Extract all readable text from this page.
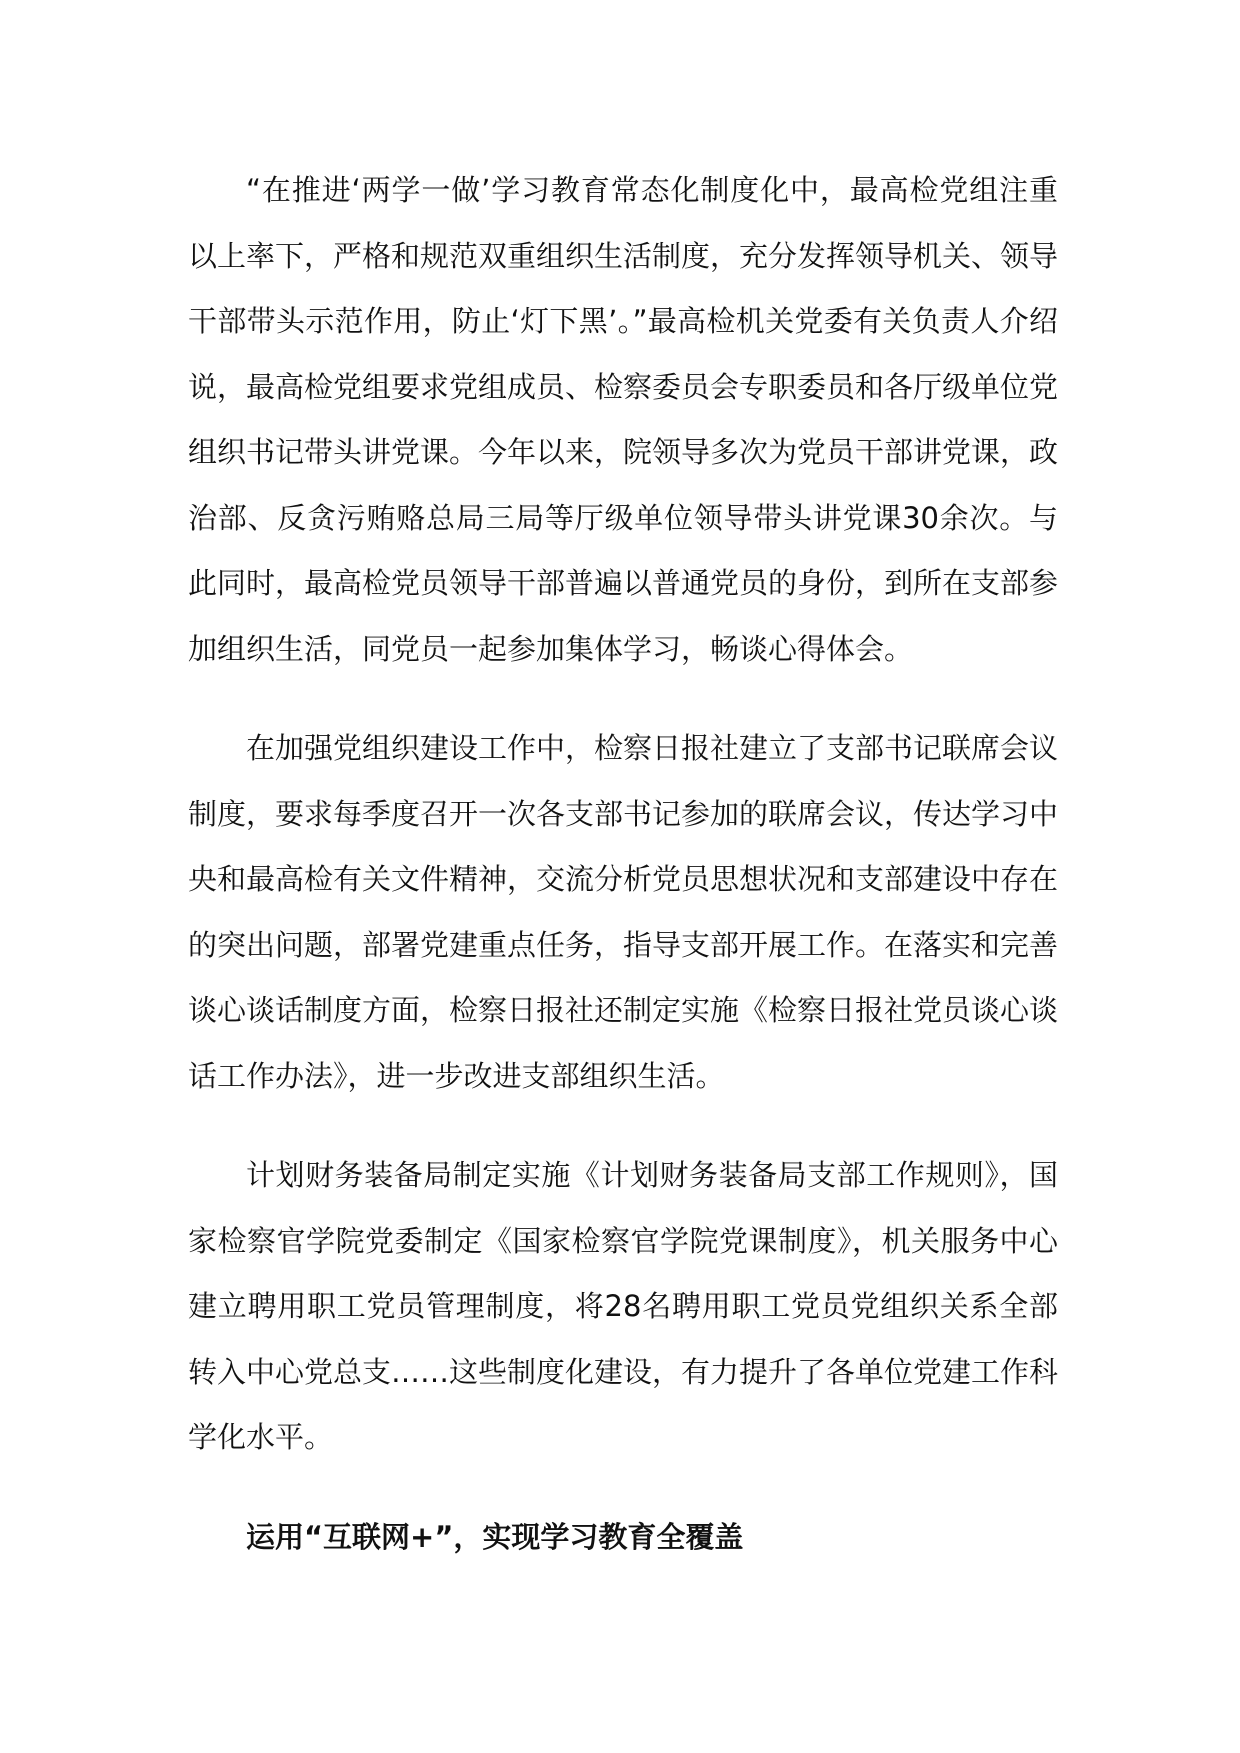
“在推进‘两学一做’学习教育常态化制度化中，最高检党组注重以上率下，严格和规范双重组织生活制度，充分发挥领导机关、领导干部带头示范作用，防止‘灯下黑’。”最高检机关党委有关负责人介绍说，最高检党组要求党组成员、检察委员会专职委员和各厅级单位党组织书记带头讲党课。今年以来，院领导多次为党员干部讲党课，政治部、反贪污贿赂总局三局等厅级单位领导带头讲党课30余次。与此同时，最高检党员领导干部普遍以普通党员的身份，到所在支部参加组织生活，同党员一起参加集体学习，畅谈心得体会。

在加强党组织建设工作中，检察日报社建立了支部书记联席会议制度，要求每季度召开一次各支部书记参加的联席会议，传达学习中央和最高检有关文件精神，交流分析党员思想状况和支部建设中存在的突出问题，部署党建重点任务，指导支部开展工作。在落实和完善谈心谈话制度方面，检察日报社还制定实施《检察日报社党员谈心谈话工作办法》，进一步改进支部组织生活。

计划财务装备局制定实施《计划财务装备局支部工作规则》，国家检察官学院党委制定《国家检察官学院党课制度》，机关服务中心建立聘用职工党员管理制度，将28名聘用职工党员党组织关系全部转入中心党总支……这些制度化建设，有力提升了各单位党建工作科学化水平。

运用“互联网+”，实现学习教育全覆盖
